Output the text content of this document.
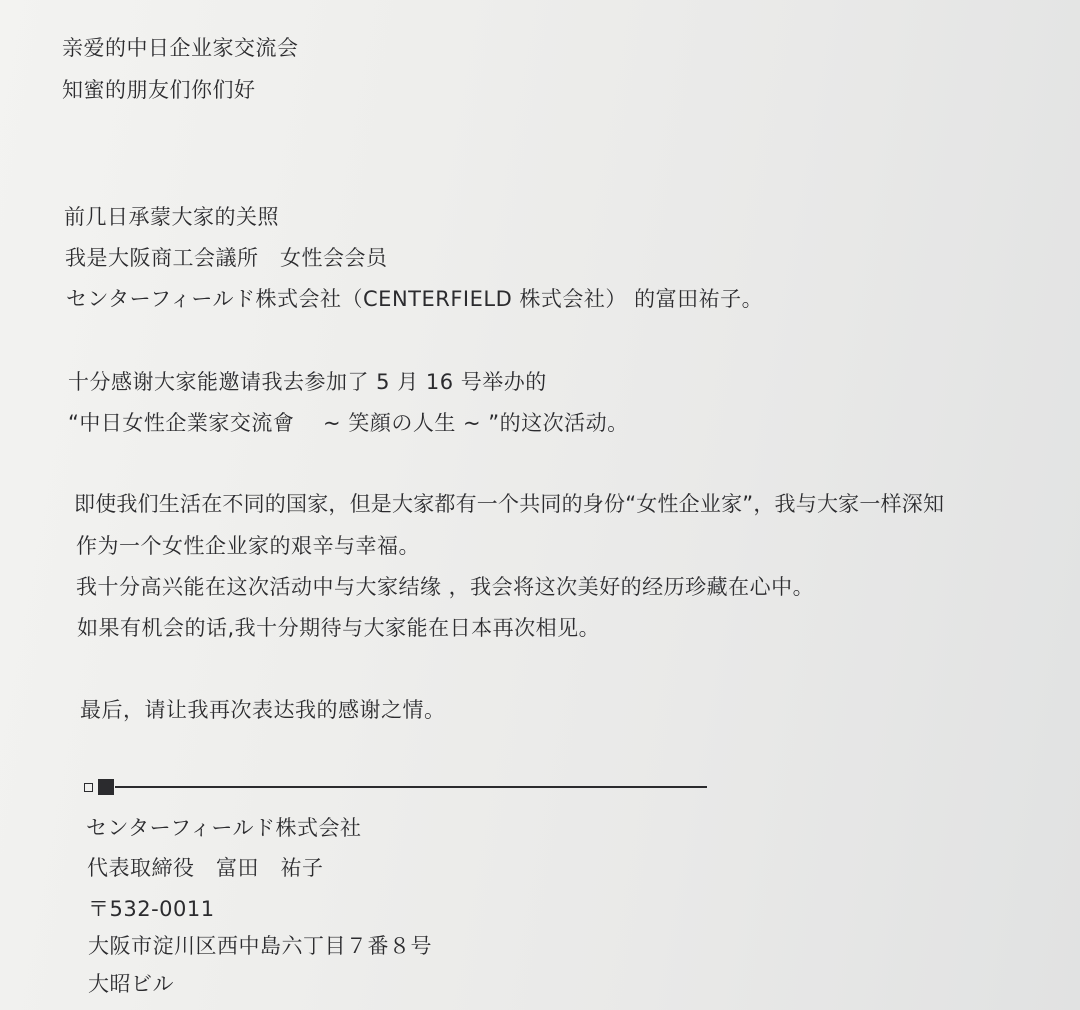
亲爱的中日企业家交流会
知蜜的朋友们你们好
前几日承蒙大家的关照
我是大阪商工会議所　女性会会员
センターフィールド株式会社（CENTERFIELD 株式会社） 的富田祐子。
十分感谢大家能邀请我去参加了 5 月 16 号举办的
“中日女性企業家交流會　 ~ 笑顔の人生 ~ ”的这次活动。
即使我们生活在不同的国家，但是大家都有一个共同的身份“女性企业家”，我与大家一样深知
作为一个女性企业家的艰辛与幸福。
我十分高兴能在这次活动中与大家结缘 ，我会将这次美好的经历珍藏在心中。
如果有机会的话,我十分期待与大家能在日本再次相见。
最后，请让我再次表达我的感谢之情。
センターフィールド株式会社
代表取締役　富田　祐子
〒532-0011
大阪市淀川区西中島六丁目７番８号
大昭ビル
